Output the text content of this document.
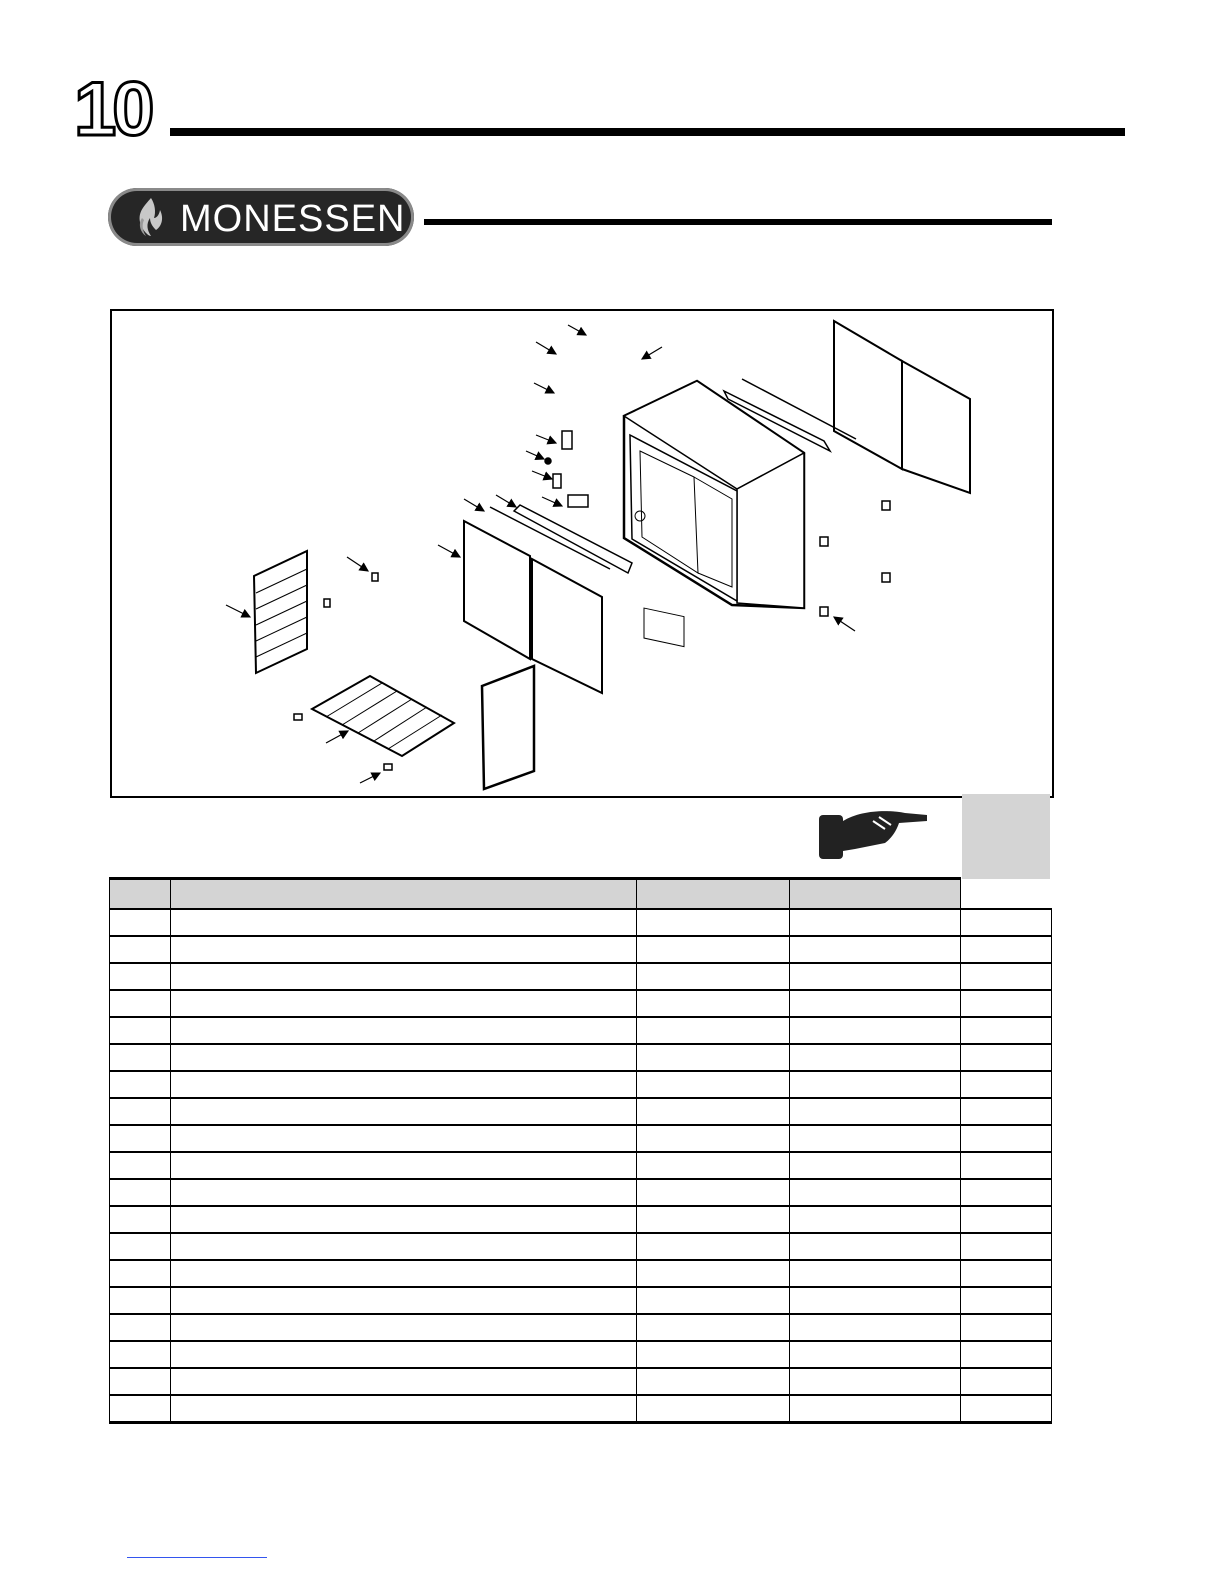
10
MONESSEN
